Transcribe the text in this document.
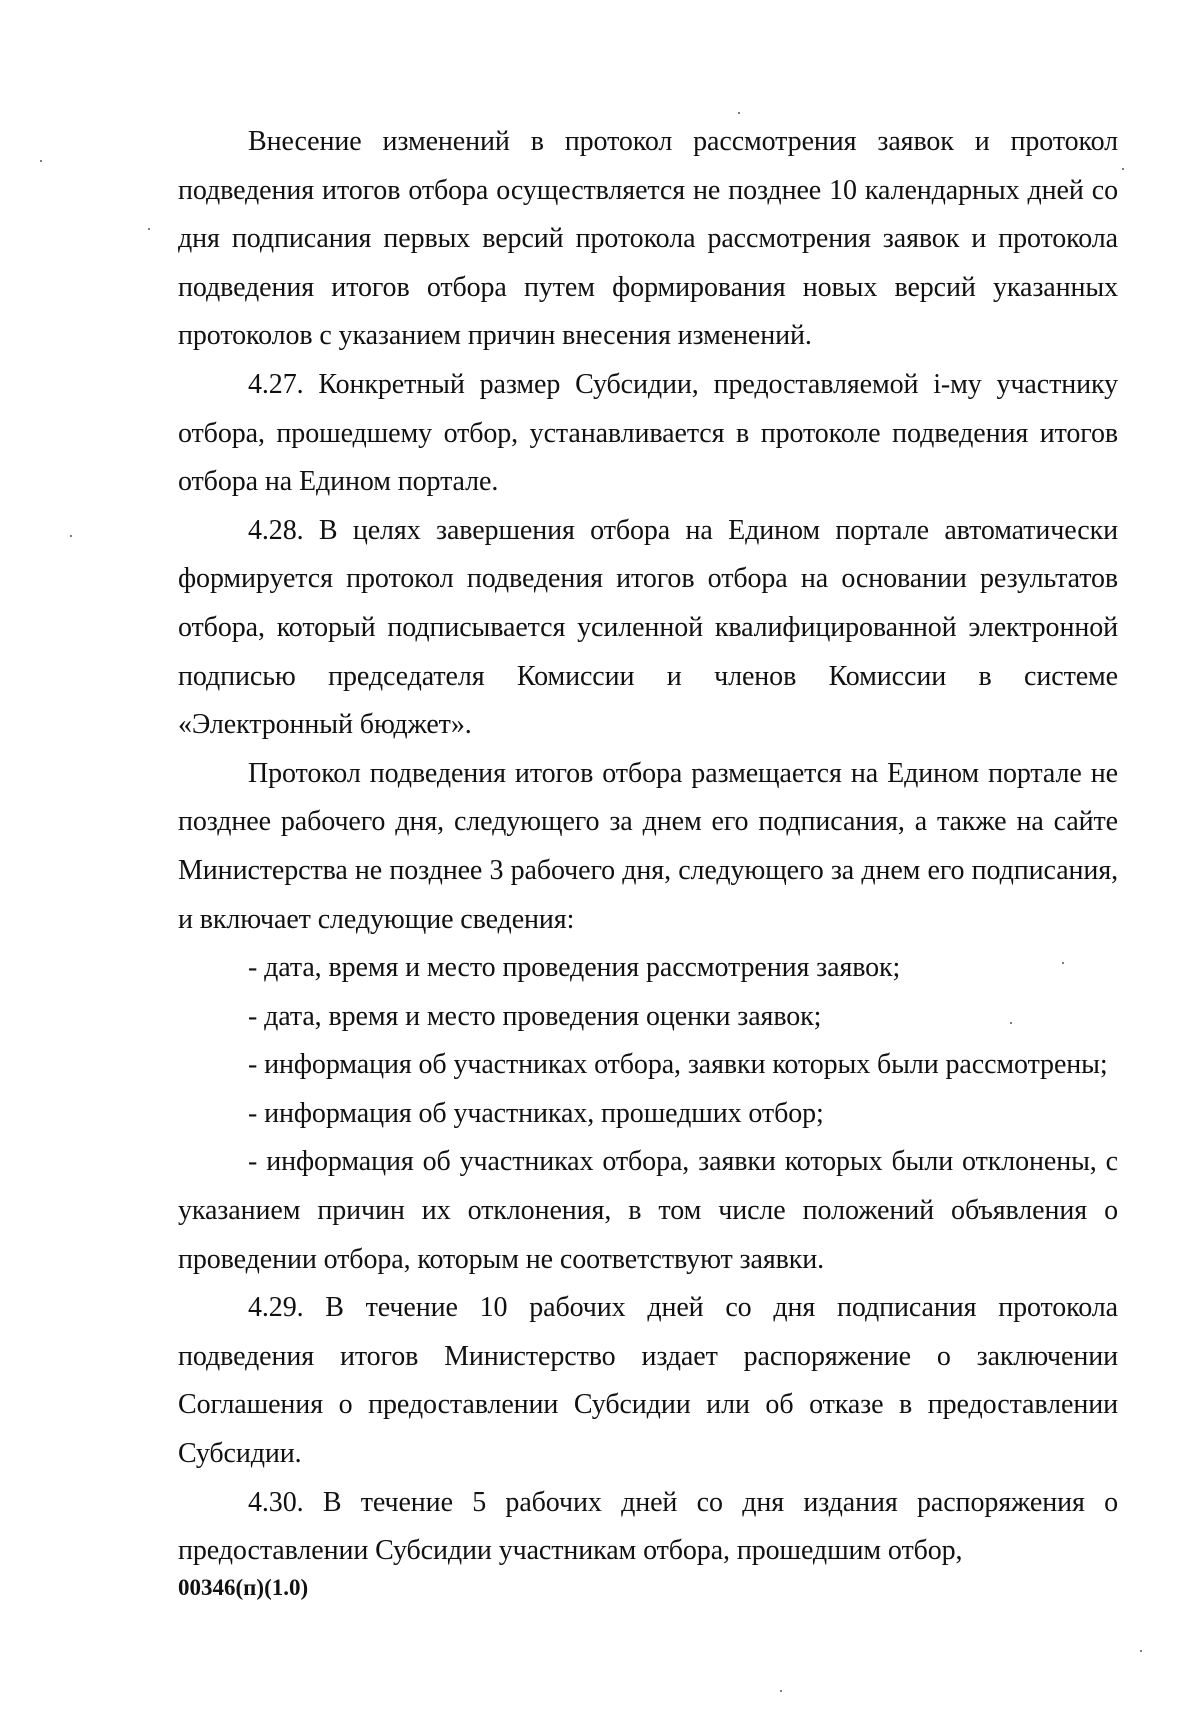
Внесение изменений в протокол рассмотрения заявок и протокол подведения итогов отбора осуществляется не позднее 10 календарных дней со дня подписания первых версий протокола рассмотрения заявок и протокола подведения итогов отбора путем формирования новых версий указанных протоколов с указанием причин внесения изменений.

4.27. Конкретный размер Субсидии, предоставляемой i-му участнику отбора, прошедшему отбор, устанавливается в протоколе подведения итогов отбора на Едином портале.

4.28. В целях завершения отбора на Едином портале автоматически формируется протокол подведения итогов отбора на основании результатов отбора, который подписывается усиленной квалифицированной электронной подписью председателя Комиссии и членов Комиссии в системе «Электронный бюджет».

Протокол подведения итогов отбора размещается на Едином портале не позднее рабочего дня, следующего за днем его подписания, а также на сайте Министерства не позднее 3 рабочего дня, следующего за днем его подписания, и включает следующие сведения:

- дата, время и место проведения рассмотрения заявок;

- дата, время и место проведения оценки заявок;

- информация об участниках отбора, заявки которых были рассмотрены;

- информация об участниках, прошедших отбор;

- информация об участниках отбора, заявки которых были отклонены, с указанием причин их отклонения, в том числе положений объявления о проведении отбора, которым не соответствуют заявки.

4.29. В течение 10 рабочих дней со дня подписания протокола подведения итогов Министерство издает распоряжение о заключении Соглашения о предоставлении Субсидии или об отказе в предоставлении Субсидии.

4.30. В течение 5 рабочих дней со дня издания распоряжения о предоставлении Субсидии участникам отбора, прошедшим отбор,

00346(п)(1.0)
